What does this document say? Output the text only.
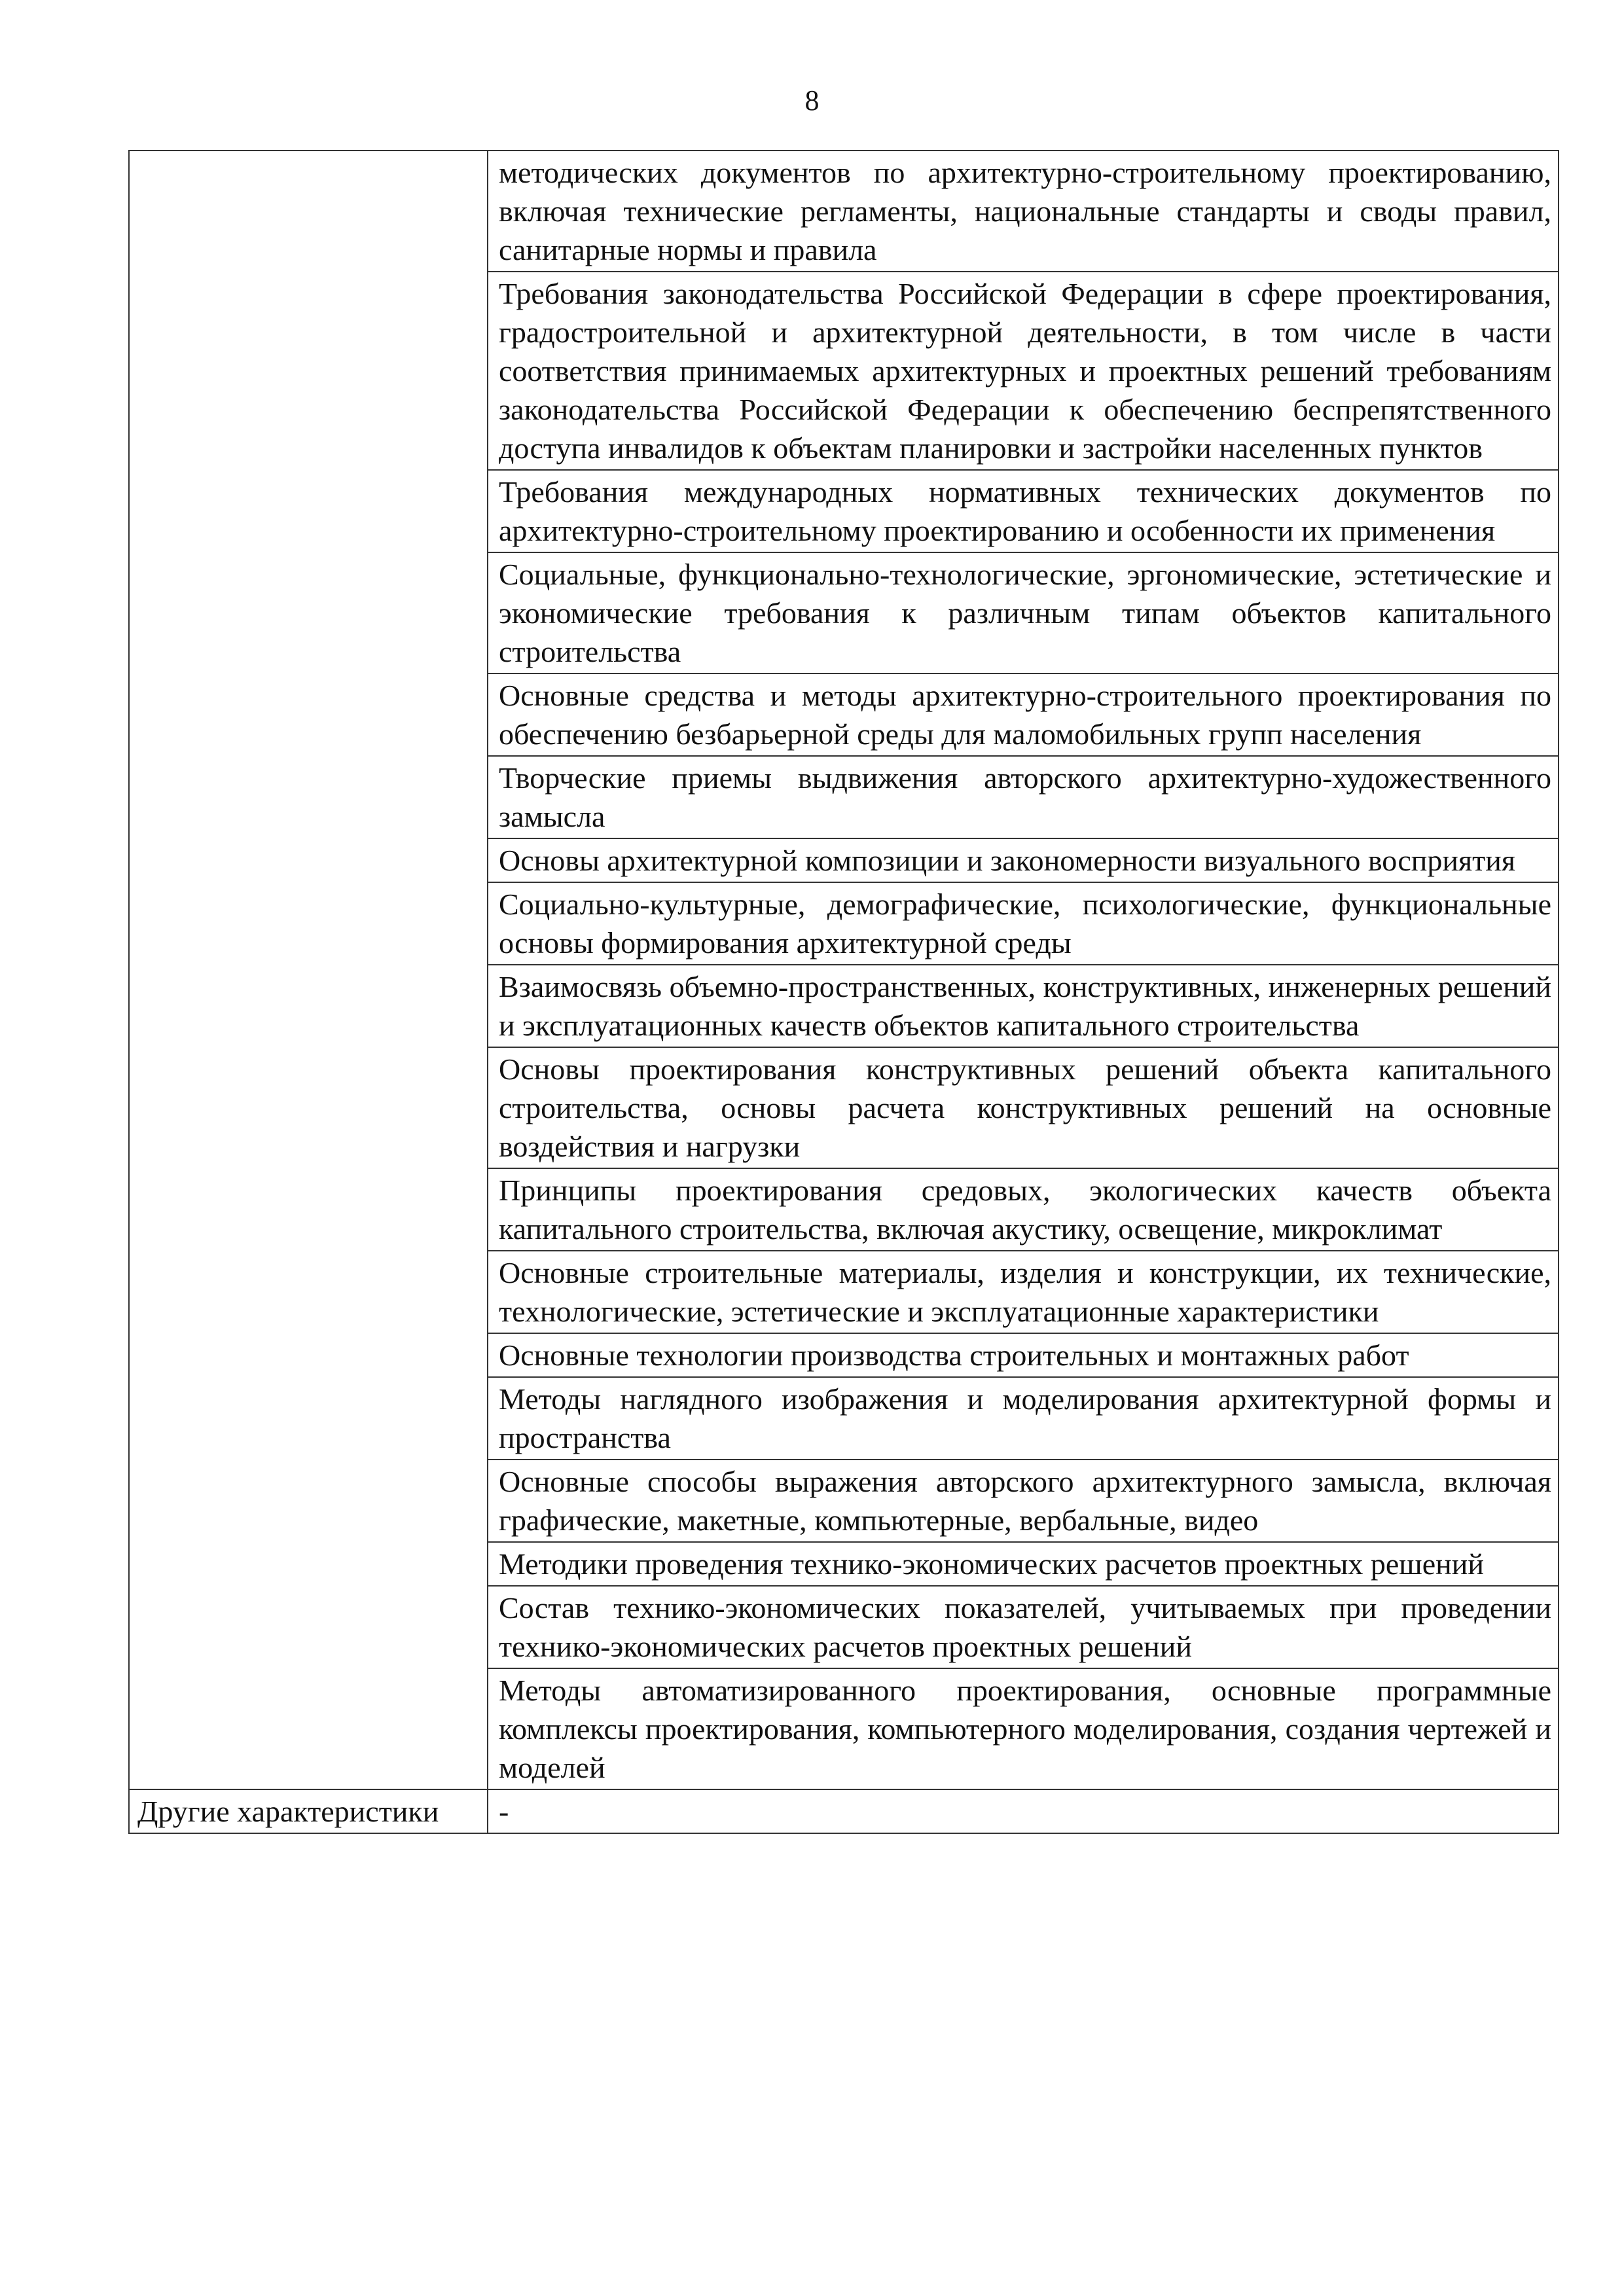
8
	методических документов по архитектурно-строительному проектированию, включая технические регламенты, национальные стандарты и своды правил, санитарные нормы и правила
	Требования законодательства Российской Федерации в сфере проектирования, градостроительной и архитектурной деятельности, в том числе в части соответствия принимаемых архитектурных и проектных решений требованиям законодательства Российской Федерации к обеспечению беспрепятственного доступа инвалидов к объектам планировки и застройки населенных пунктов
	Требования международных нормативных технических документов по архитектурно-строительному проектированию и особенности их применения
	Социальные, функционально-технологические, эргономические, эстетические и экономические требования к различным типам объектов капитального строительства
	Основные средства и методы архитектурно-строительного проектирования по обеспечению безбарьерной среды для маломобильных групп населения
	Творческие приемы выдвижения авторского архитектурно-художественного замысла
	Основы архитектурной композиции и закономерности визуального восприятия
	Социально-культурные, демографические, психологические, функциональные основы формирования архитектурной среды
	Взаимосвязь объемно-пространственных, конструктивных, инженерных решений и эксплуатационных качеств объектов капитального строительства
	Основы проектирования конструктивных решений объекта капитального строительства, основы расчета конструктивных решений на основные воздействия и нагрузки
	Принципы проектирования средовых, экологических качеств объекта капитального строительства, включая акустику, освещение, микроклимат
	Основные строительные материалы, изделия и конструкции, их технические, технологические, эстетические и эксплуатационные характеристики
	Основные технологии производства строительных и монтажных работ
	Методы наглядного изображения и моделирования архитектурной формы и пространства
	Основные способы выражения авторского архитектурного замысла, включая графические, макетные, компьютерные, вербальные, видео
	Методики проведения технико-экономических расчетов проектных решений
	Состав технико-экономических показателей, учитываемых при проведении технико-экономических расчетов проектных решений
	Методы автоматизированного проектирования, основные программные комплексы проектирования, компьютерного моделирования, создания чертежей и моделей
Другие характеристики	-
